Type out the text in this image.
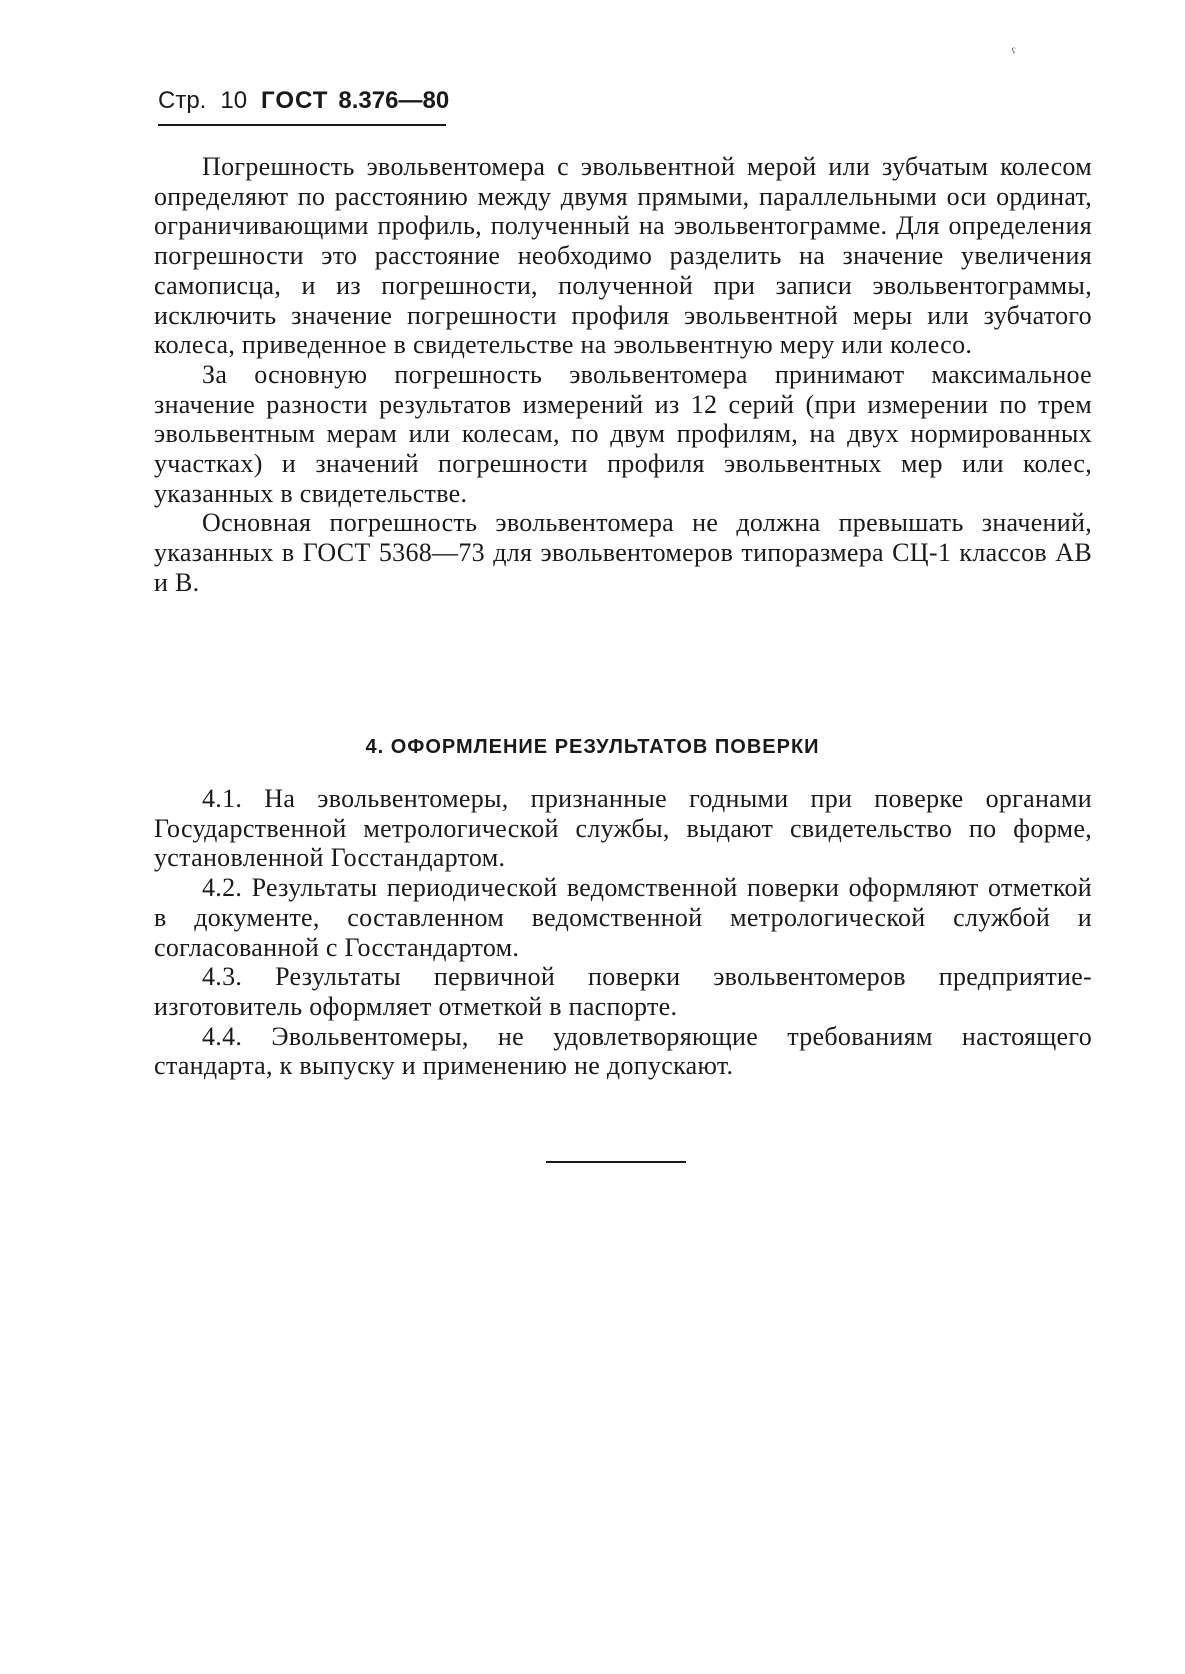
ˁ
Стр. 10 ГОСТ 8.376—80

Погрешность эвольвентомера с эвольвентной мерой или зубчатым колесом определяют по расстоянию между двумя прямыми, параллельными оси ординат, ограничивающими профиль, полученный на эвольвентограмме. Для определения погрешности это расстояние необходимо разделить на значение увеличения самописца, и из погрешности, полученной при записи эвольвентограммы, исключить значение погрешности профиля эвольвентной меры или зубчатого колеса, приведенное в свидетельстве на эвольвентную меру или колесо.

За основную погрешность эвольвентомера принимают максимальное значение разности результатов измерений из 12 серий (при измерении по трем эвольвентным мерам или колесам, по двум профилям, на двух нормированных участках) и значений погрешности профиля эвольвентных мер или колес, указанных в свидетельстве.

Основная погрешность эвольвентомера не должна превышать значений, указанных в ГОСТ 5368—73 для эвольвентомеров типоразмера СЦ-1 классов АВ и В.

4. ОФОРМЛЕНИЕ РЕЗУЛЬТАТОВ ПОВЕРКИ

4.1. На эвольвентомеры, признанные годными при поверке органами Государственной метрологической службы, выдают свидетельство по форме, установленной Госстандартом.

4.2. Результаты периодической ведомственной поверки оформляют отметкой в документе, составленном ведомственной метрологической службой и согласованной с Госстандартом.

4.3. Результаты первичной поверки эвольвентомеров предприятие-изготовитель оформляет отметкой в паспорте.

4.4. Эвольвентомеры, не удовлетворяющие требованиям настоящего стандарта, к выпуску и применению не допускают.
